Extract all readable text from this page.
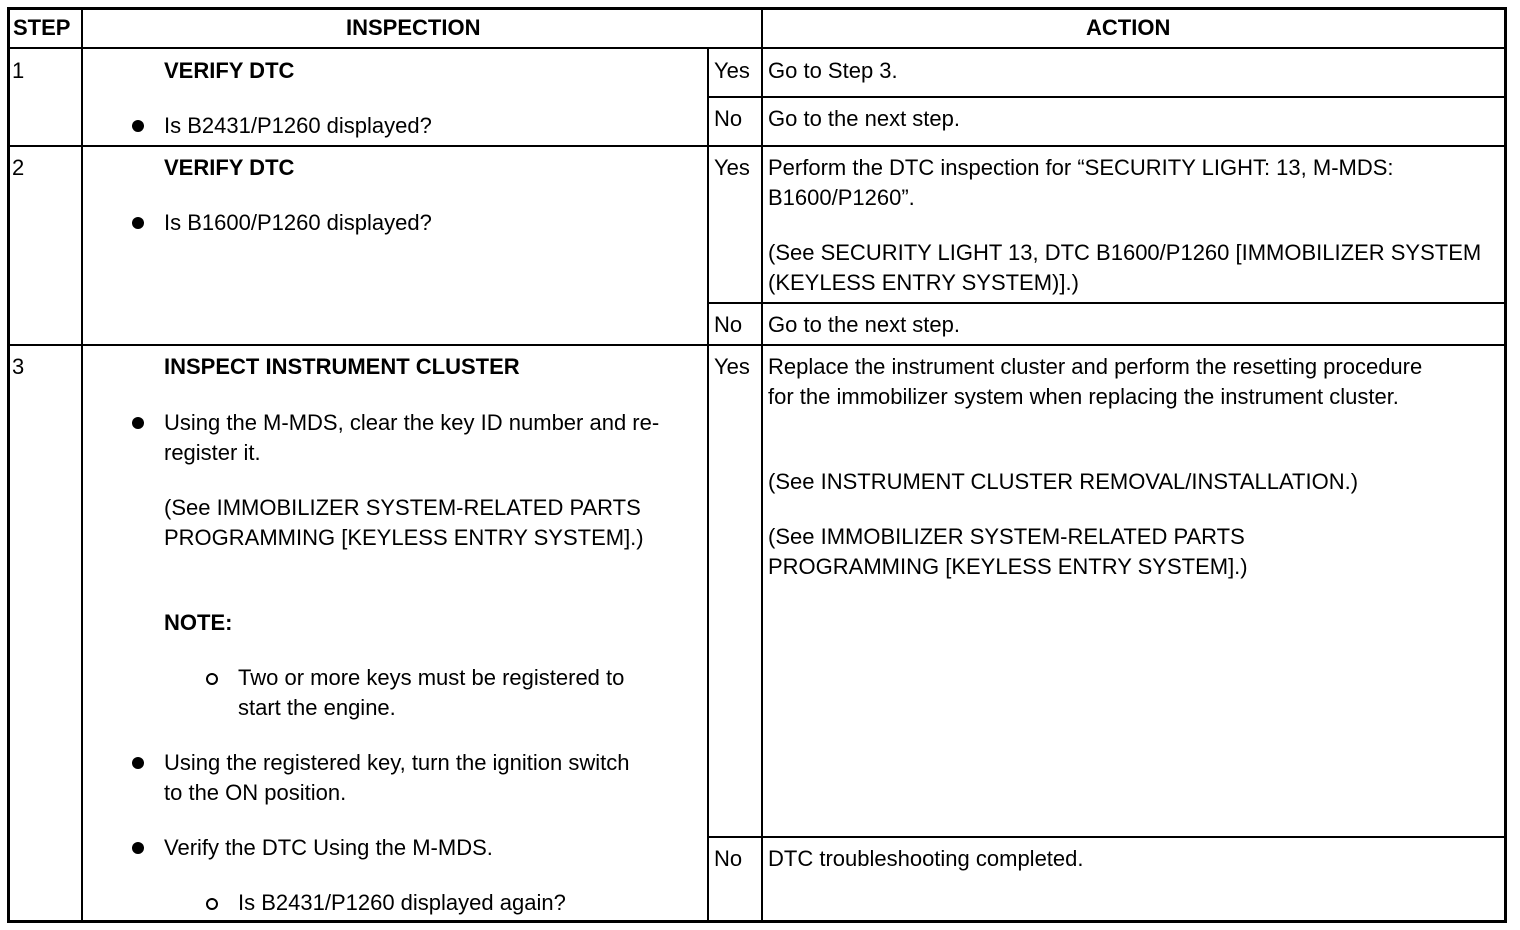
STEP	INSPECTION	ACTION
1	VERIFY DTC
Is B2431/P1260 displayed?
Yes Go to Step 3.
No Go to the next step.
2	VERIFY DTC
Is B1600/P1260 displayed?
Yes Perform the DTC inspection for “SECURITY LIGHT: 13, M-MDS: B1600/P1260”.
(See SECURITY LIGHT 13, DTC B1600/P1260 [IMMOBILIZER SYSTEM (KEYLESS ENTRY SYSTEM)].)
No Go to the next step.
3	INSPECT INSTRUMENT CLUSTER
Using the M-MDS, clear the key ID number and re-register it.
(See IMMOBILIZER SYSTEM-RELATED PARTS PROGRAMMING [KEYLESS ENTRY SYSTEM].)
NOTE:
Two or more keys must be registered to start the engine.
Using the registered key, turn the ignition switch to the ON position.
Verify the DTC Using the M-MDS.
Is B2431/P1260 displayed again?
Yes Replace the instrument cluster and perform the resetting procedure for the immobilizer system when replacing the instrument cluster.
(See INSTRUMENT CLUSTER REMOVAL/INSTALLATION.)
(See IMMOBILIZER SYSTEM-RELATED PARTS PROGRAMMING [KEYLESS ENTRY SYSTEM].)
No DTC troubleshooting completed.
